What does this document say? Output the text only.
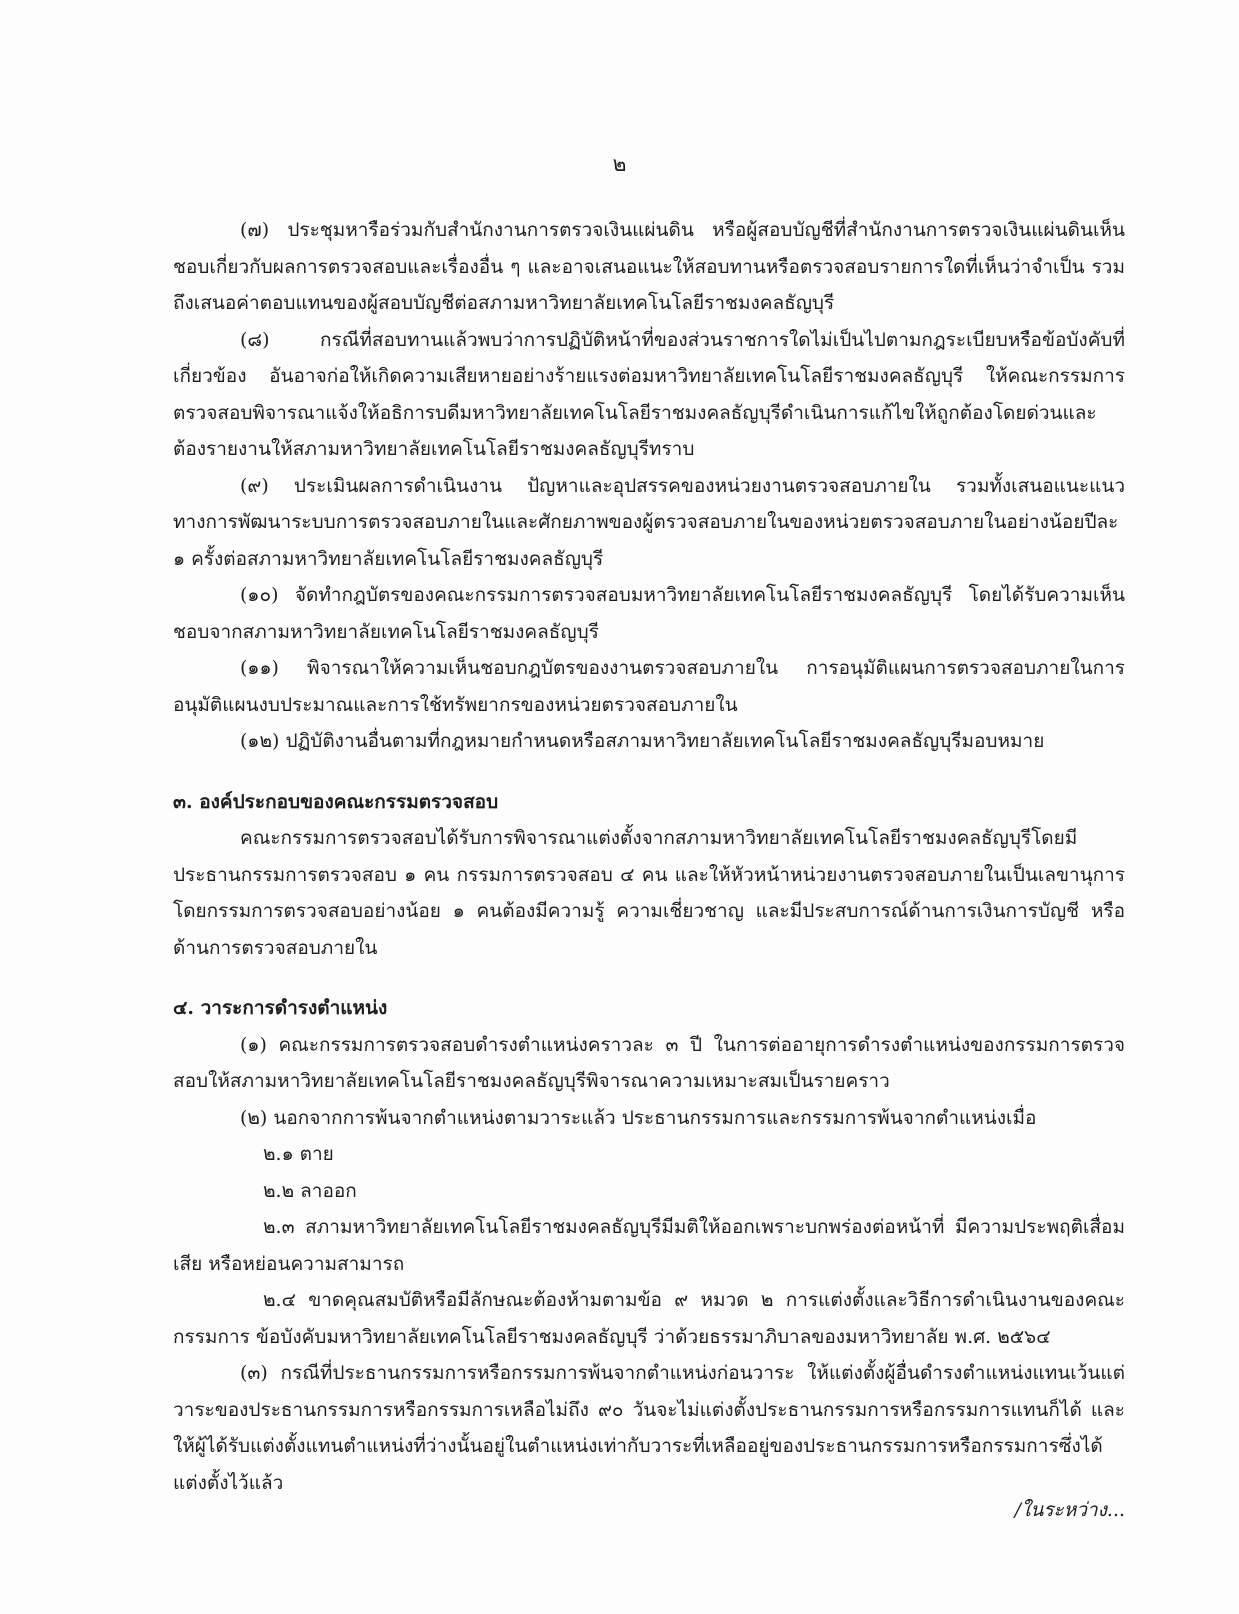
๒

(๗) ประชุมหารือร่วมกับสำนักงานการตรวจเงินแผ่นดิน หรือผู้สอบบัญชีที่สำนักงานการตรวจเงินแผ่นดินเห็นชอบเกี่ยวกับผลการตรวจสอบและเรื่องอื่น ๆ และอาจเสนอแนะให้สอบทานหรือตรวจสอบรายการใดที่เห็นว่าจำเป็น รวมถึงเสนอค่าตอบแทนของผู้สอบบัญชีต่อสภามหาวิทยาลัยเทคโนโลยีราชมงคลธัญบุรี

(๘) กรณีที่สอบทานแล้วพบว่าการปฏิบัติหน้าที่ของส่วนราชการใดไม่เป็นไปตามกฎระเบียบหรือข้อบังคับที่เกี่ยวข้อง อันอาจก่อให้เกิดความเสียหายอย่างร้ายแรงต่อมหาวิทยาลัยเทคโนโลยีราชมงคลธัญบุรี ให้คณะกรรมการตรวจสอบพิจารณาแจ้งให้อธิการบดีมหาวิทยาลัยเทคโนโลยีราชมงคลธัญบุรีดำเนินการแก้ไขให้ถูกต้องโดยด่วนและต้องรายงานให้สภามหาวิทยาลัยเทคโนโลยีราชมงคลธัญบุรีทราบ

(๙) ประเมินผลการดำเนินงาน ปัญหาและอุปสรรคของหน่วยงานตรวจสอบภายใน รวมทั้งเสนอแนะแนวทางการพัฒนาระบบการตรวจสอบภายในและศักยภาพของผู้ตรวจสอบภายในของหน่วยตรวจสอบภายในอย่างน้อยปีละ ๑ ครั้งต่อสภามหาวิทยาลัยเทคโนโลยีราชมงคลธัญบุรี

(๑๐) จัดทำกฎบัตรของคณะกรรมการตรวจสอบมหาวิทยาลัยเทคโนโลยีราชมงคลธัญบุรี โดยได้รับความเห็นชอบจากสภามหาวิทยาลัยเทคโนโลยีราชมงคลธัญบุรี

(๑๑) พิจารณาให้ความเห็นชอบกฎบัตรของงานตรวจสอบภายใน การอนุมัติแผนการตรวจสอบภายในการอนุมัติแผนงบประมาณและการใช้ทรัพยากรของหน่วยตรวจสอบภายใน

(๑๒) ปฏิบัติงานอื่นตามที่กฎหมายกำหนดหรือสภามหาวิทยาลัยเทคโนโลยีราชมงคลธัญบุรีมอบหมาย

๓. องค์ประกอบของคณะกรรมตรวจสอบ

คณะกรรมการตรวจสอบได้รับการพิจารณาแต่งตั้งจากสภามหาวิทยาลัยเทคโนโลยีราชมงคลธัญบุรีโดยมีประธานกรรมการตรวจสอบ ๑ คน กรรมการตรวจสอบ ๔ คน และให้หัวหน้าหน่วยงานตรวจสอบภายในเป็นเลขานุการ โดยกรรมการตรวจสอบอย่างน้อย ๑ คนต้องมีความรู้ ความเชี่ยวชาญ และมีประสบการณ์ด้านการเงินการบัญชี หรือด้านการตรวจสอบภายใน

๔. วาระการดำรงตำแหน่ง

(๑) คณะกรรมการตรวจสอบดำรงตำแหน่งคราวละ ๓ ปี ในการต่ออายุการดำรงตำแหน่งของกรรมการตรวจสอบให้สภามหาวิทยาลัยเทคโนโลยีราชมงคลธัญบุรีพิจารณาความเหมาะสมเป็นรายคราว

(๒) นอกจากการพ้นจากตำแหน่งตามวาระแล้ว ประธานกรรมการและกรรมการพ้นจากตำแหน่งเมื่อ

๒.๑ ตาย

๒.๒ ลาออก

๒.๓ สภามหาวิทยาลัยเทคโนโลยีราชมงคลธัญบุรีมีมติให้ออกเพราะบกพร่องต่อหน้าที่ มีความประพฤติเสื่อมเสีย หรือหย่อนความสามารถ

๒.๔ ขาดคุณสมบัติหรือมีลักษณะต้องห้ามตามข้อ ๙ หมวด ๒ การแต่งตั้งและวิธีการดำเนินงานของคณะกรรมการ ข้อบังคับมหาวิทยาลัยเทคโนโลยีราชมงคลธัญบุรี ว่าด้วยธรรมาภิบาลของมหาวิทยาลัย พ.ศ. ๒๕๖๔

(๓) กรณีที่ประธานกรรมการหรือกรรมการพ้นจากตำแหน่งก่อนวาระ ให้แต่งตั้งผู้อื่นดำรงตำแหน่งแทนเว้นแต่วาระของประธานกรรมการหรือกรรมการเหลือไม่ถึง ๙๐ วันจะไม่แต่งตั้งประธานกรรมการหรือกรรมการแทนก็ได้ และให้ผู้ได้รับแต่งตั้งแทนตำแหน่งที่ว่างนั้นอยู่ในตำแหน่งเท่ากับวาระที่เหลืออยู่ของประธานกรรมการหรือกรรมการซึ่งได้แต่งตั้งไว้แล้ว

/ในระหว่าง...
